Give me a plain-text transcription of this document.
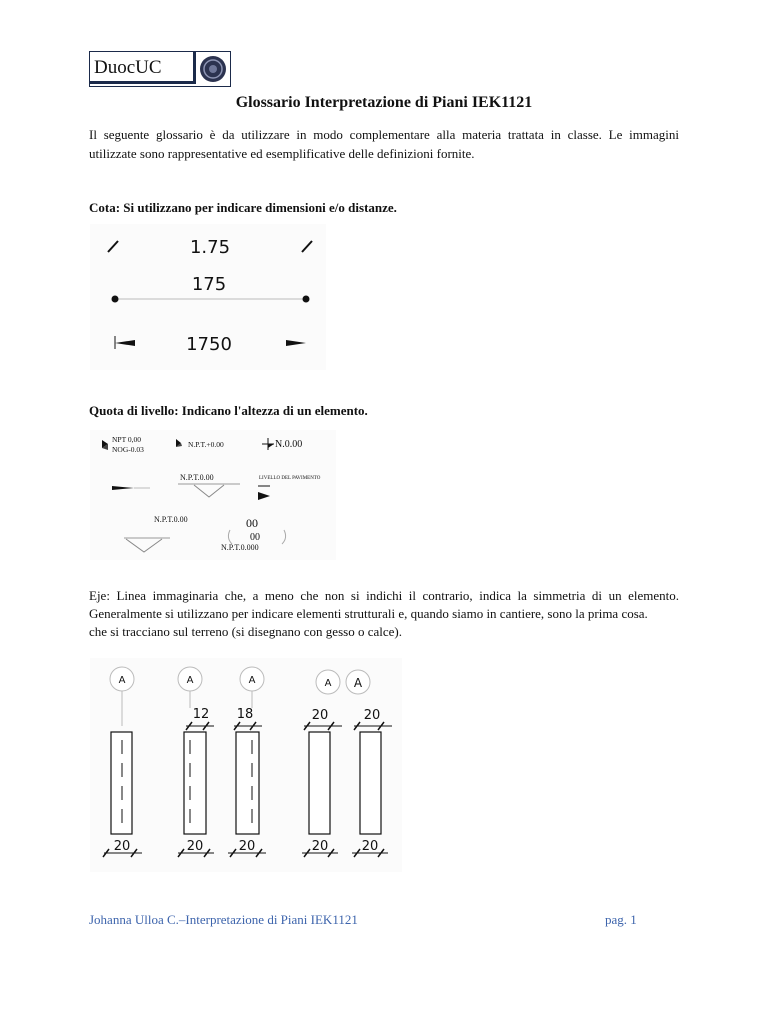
DuocUC
Glossario Interpretazione di Piani IEK1121
Il seguente glossario è da utilizzare in modo complementare alla materia trattata in classe. Le immagini
utilizzate sono rappresentative ed esemplificative delle definizioni fornite.
Cota: Si utilizzano per indicare dimensioni e/o distanze.
1.75
175
1750
Quota di livello: Indicano l'altezza di un elemento.
NPT 0,00
NOG-0.03
N.P.T.+0.00	N.0.00
N.P.T.0.00	LIVELLO DEL PAVIMENTO
N.P.T.0.00	00
00
N.P.T.0.000
Eje: Linea immaginaria che, a meno che non si indichi il contrario, indica la simmetria di un elemento.
Generalmente si utilizzano per indicare elementi strutturali e, quando siamo in cantiere, sono la prima cosa.
che si tracciano sul terreno (si disegnano con gesso o calce).
A
20
A
12
20
A
18
20
A
20
20
A
20
20
Johanna Ulloa C.–Interpretazione di Piani IEK1121	pag. 1
